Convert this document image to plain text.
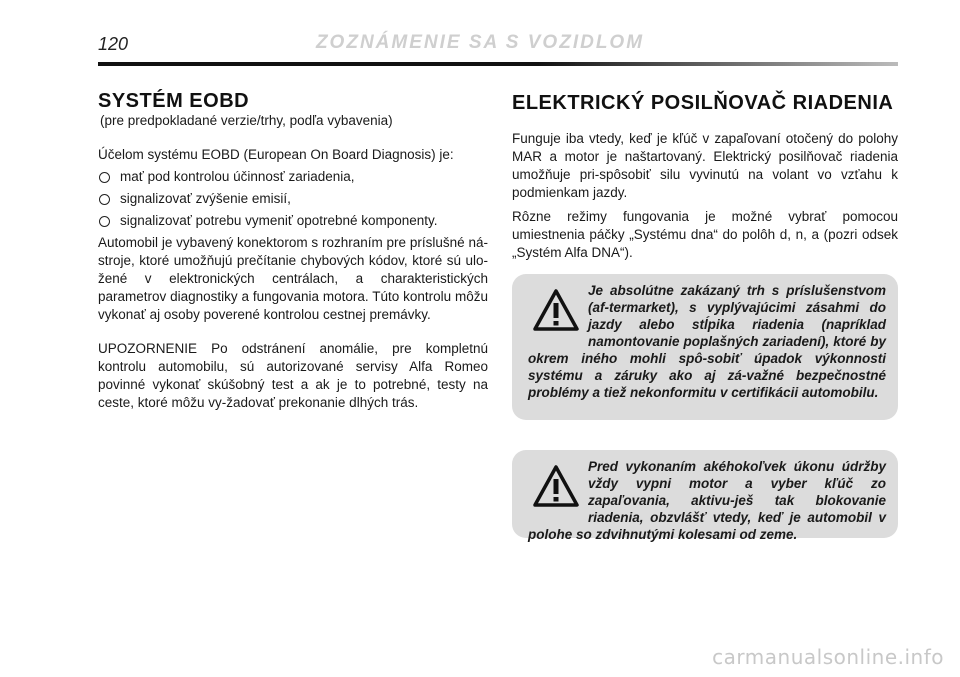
120	ZOZNÁMENIE SA S VOZIDLOM
SYSTÉM EOBD
(pre predpokladané verzie/trhy, podľa vybavenia)

Účelom systému EOBD (European On Board Diagnosis) je:

mať pod kontrolou účinnosť zariadenia,
signalizovať zvýšenie emisií,
signalizovať potrebu vymeniť opotrebné komponenty.

Automobil je vybavený konektorom s rozhraním pre príslušné ná-stroje, ktoré umožňujú prečítanie chybových kódov, ktoré sú ulo-žené v elektronických centrálach, a charakteristických parametrov diagnostiky a fungovania motora. Túto kontrolu môžu vykonať aj osoby poverené kontrolou cestnej premávky.

UPOZORNENIE Po odstránení anomálie, pre kompletnú kontrolu automobilu, sú autorizované servisy Alfa Romeo povinné vykonať skúšobný test a ak je to potrebné, testy na ceste, ktoré môžu vy-žadovať prekonanie dlhých trás.

ELEKTRICKÝ POSILŇOVAČ RIADENIA

Funguje iba vtedy, keď je kľúč v zapaľovaní otočený do polohy MAR a motor je naštartovaný. Elektrický posilňovač riadenia umožňuje pri-spôsobiť silu vyvinutú na volant vo vzťahu k podmienkam jazdy.

Rôzne režimy fungovania je možné vybrať pomocou umiestnenia páčky „Systému dna“ do polôh d, n, a (pozri odsek „Systém Alfa DNA“).

Je absolútne zakázaný trh s príslušenstvom (af-termarket), s vyplývajúcimi zásahmi do jazdy alebo stĺpika riadenia (napríklad namontovanie poplašných zariadení), ktoré by okrem iného mohli spô-sobiť úpadok výkonnosti systému a záruky ako aj zá-važné bezpečnostné problémy a tiež nekonformitu v certifikácii automobilu.
Pred vykonaním akéhokoľvek úkonu údržby vždy vypni motor a vyber kľúč zo zapaľovania, aktivu-ješ tak blokovanie riadenia, obzvlášť vtedy, keď je automobil v polohe so zdvihnutými kolesami od zeme.
carmanualsonline.info
